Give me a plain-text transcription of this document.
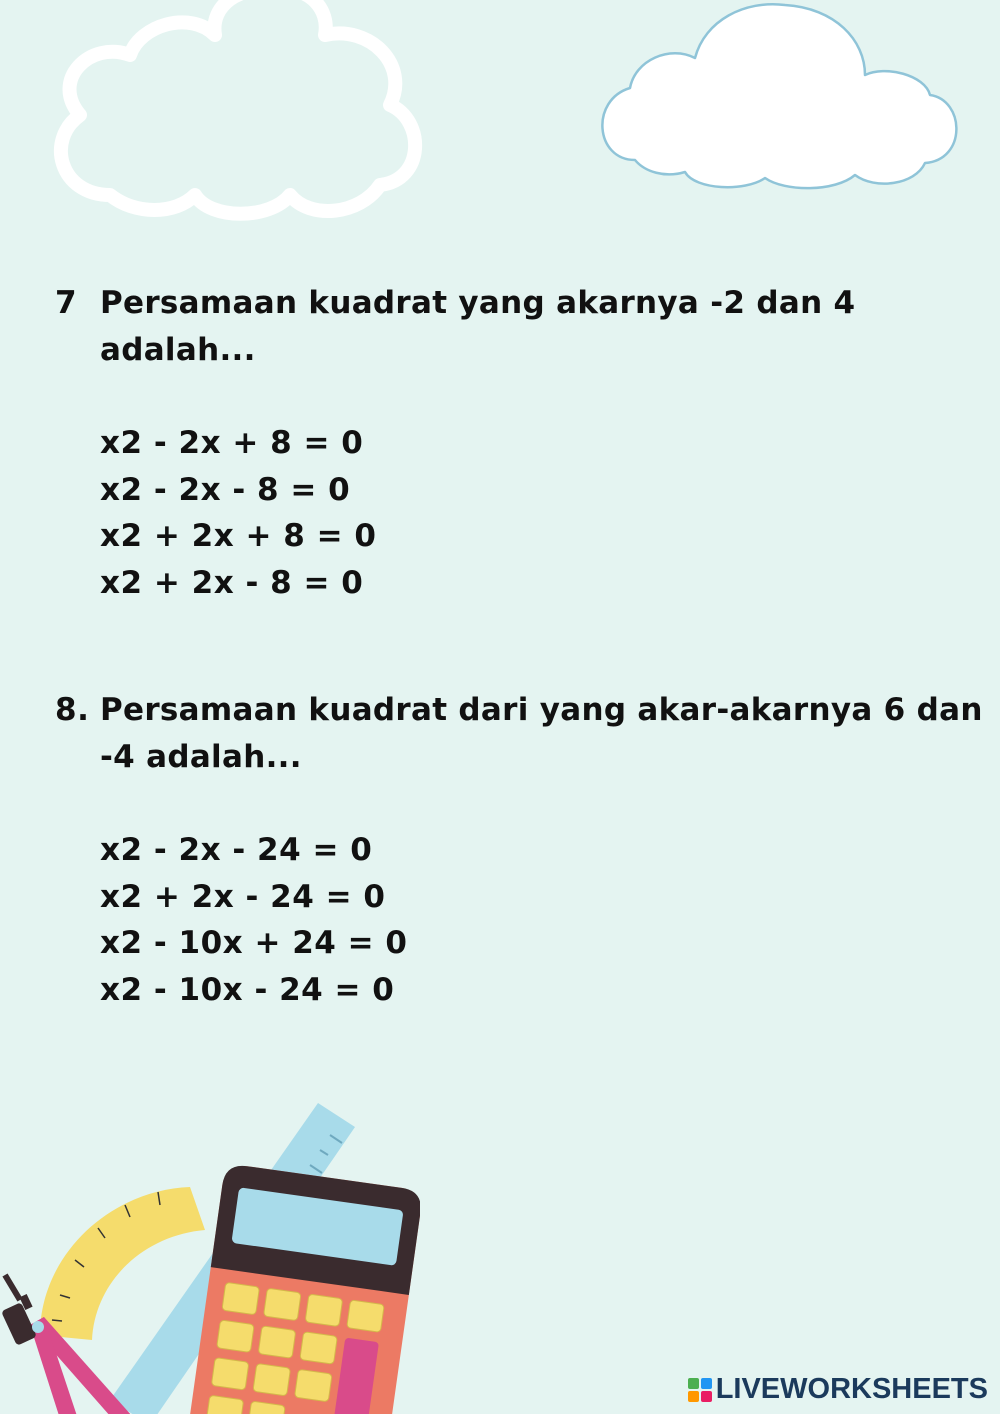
7 Persamaan kuadrat yang akarnya -2 dan 4 adalah...
x2 - 2x + 8 = 0
x2 - 2x - 8 = 0
x2 + 2x + 8 = 0
x2 + 2x - 8 = 0
8. Persamaan kuadrat dari yang akar-akarnya 6 dan -4 adalah...
x2 - 2x - 24 = 0
x2 + 2x - 24 = 0
x2 - 10x + 24 = 0
x2 - 10x - 24 = 0
LIVEWORKSHEETS
